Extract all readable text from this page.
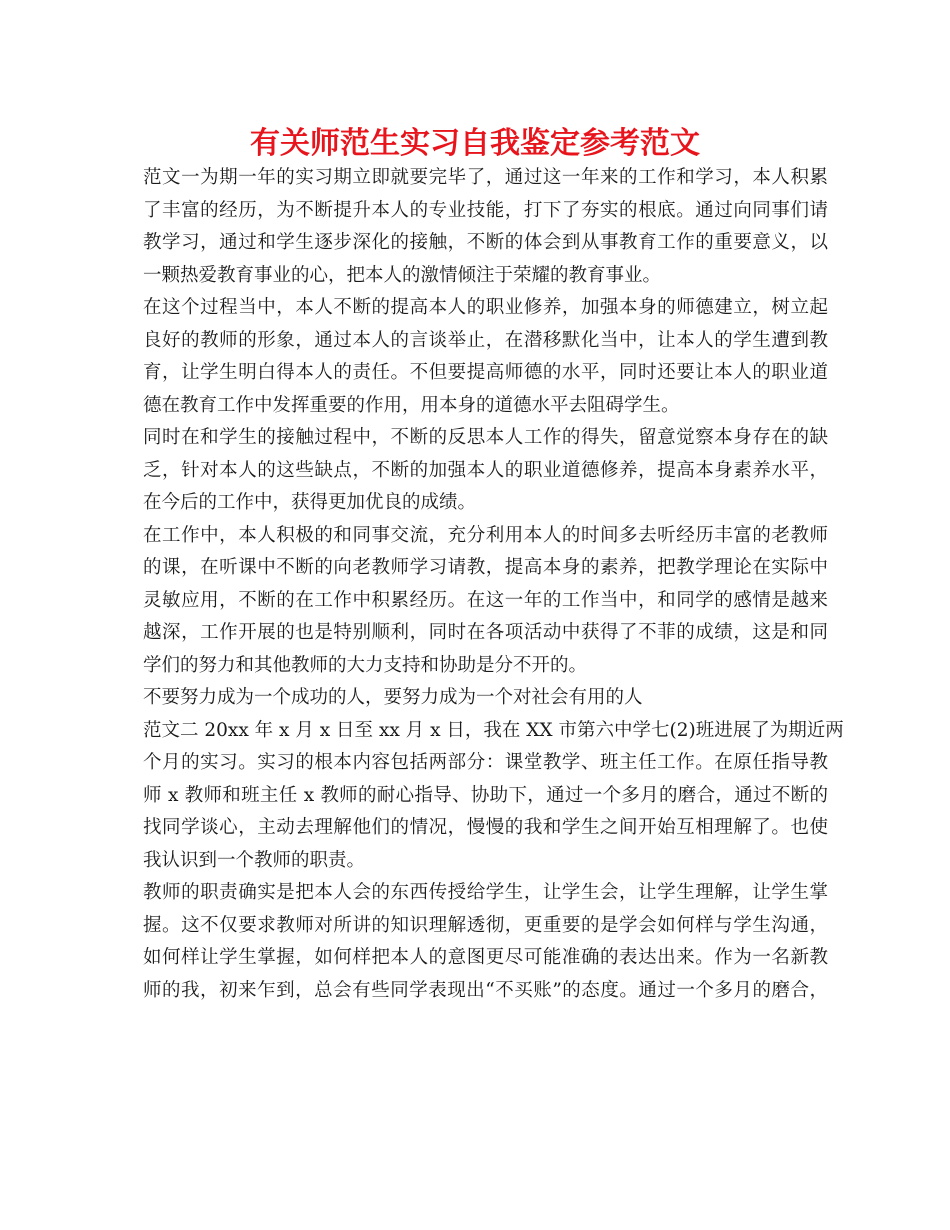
有关师范生实习自我鉴定参考范文
范文一为期一年的实习期立即就要完毕了，通过这一年来的工作和学习，本人积累
了丰富的经历，为不断提升本人的专业技能，打下了夯实的根底。通过向同事们请
教学习，通过和学生逐步深化的接触，不断的体会到从事教育工作的重要意义，以
一颗热爱教育事业的心，把本人的激情倾注于荣耀的教育事业。
在这个过程当中，本人不断的提高本人的职业修养，加强本身的师德建立，树立起
良好的教师的形象，通过本人的言谈举止，在潜移默化当中，让本人的学生遭到教
育，让学生明白得本人的责任。不但要提高师德的水平，同时还要让本人的职业道
德在教育工作中发挥重要的作用，用本身的道德水平去阻碍学生。
同时在和学生的接触过程中，不断的反思本人工作的得失，留意觉察本身存在的缺
乏，针对本人的这些缺点，不断的加强本人的职业道德修养，提高本身素养水平，
在今后的工作中，获得更加优良的成绩。
在工作中，本人积极的和同事交流，充分利用本人的时间多去听经历丰富的老教师
的课，在听课中不断的向老教师学习请教，提高本身的素养，把教学理论在实际中
灵敏应用，不断的在工作中积累经历。在这一年的工作当中，和同学的感情是越来
越深，工作开展的也是特别顺利，同时在各项活动中获得了不菲的成绩，这是和同
学们的努力和其他教师的大力支持和协助是分不开的。
不要努力成为一个成功的人，要努力成为一个对社会有用的人
范文二 20xx 年 x 月 x 日至 xx 月 x 日，我在 XX 市第六中学七(2)班进展了为期近两
个月的实习。实习的根本内容包括两部分：课堂教学、班主任工作。在原任指导教
师 x 教师和班主任 x 教师的耐心指导、协助下，通过一个多月的磨合，通过不断的
找同学谈心，主动去理解他们的情况，慢慢的我和学生之间开始互相理解了。也使
我认识到一个教师的职责。
教师的职责确实是把本人会的东西传授给学生，让学生会，让学生理解，让学生掌
握。这不仅要求教师对所讲的知识理解透彻，更重要的是学会如何样与学生沟通，
如何样让学生掌握，如何样把本人的意图更尽可能准确的表达出来。作为一名新教
师的我，初来乍到，总会有些同学表现出“不买账”的态度。通过一个多月的磨合，
